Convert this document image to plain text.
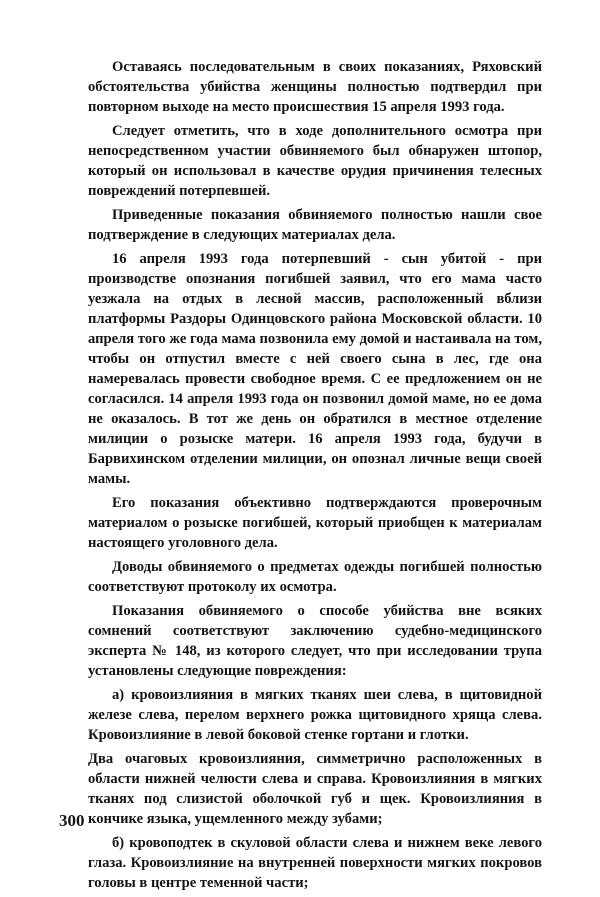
Оставаясь последовательным в своих показаниях, Ряховский обстоятельства убийства женщины полностью подтвердил при повторном выходе на место происшествия 15 апреля 1993 года.

Следует отметить, что в ходе дополнительного осмотра при непосредственном участии обвиняемого был обнаружен штопор, который он использовал в качестве орудия причинения телесных повреждений потерпевшей.

Приведенные показания обвиняемого полностью нашли свое подтверждение в следующих материалах дела.

16 апреля 1993 года потерпевший - сын убитой - при производстве опознания погибшей заявил, что его мама часто уезжала на отдых в лесной массив, расположенный вблизи платформы Раздоры Одинцовского района Московской области. 10 апреля того же года мама позвонила ему домой и настаивала на том, чтобы он отпустил вместе с ней своего сына в лес, где она намеревалась провести свободное время. С ее предложением он не согласился. 14 апреля 1993 года он позвонил домой маме, но ее дома не оказалось. В тот же день он обратился в местное отделение милиции о розыске матери. 16 апреля 1993 года, будучи в Барвихинском отделении милиции, он опознал личные вещи своей мамы.

Его показания объективно подтверждаются проверочным материалом о розыске погибшей, который приобщен к материалам настоящего уголовного дела.

Доводы обвиняемого о предметах одежды погибшей полностью соответствуют протоколу их осмотра.

Показания обвиняемого о способе убийства вне всяких сомнений соответствуют заключению судебно-медицинского эксперта № 148, из которого следует, что при исследовании трупа установлены следующие повреждения:

а) кровоизлияния в мягких тканях шеи слева, в щитовидной железе слева, перелом верхнего рожка щитовидного хряща слева. Кровоизлияние в левой боковой стенке гортани и глотки.

Два очаговых кровоизлияния, симметрично расположенных в области нижней челюсти слева и справа. Кровоизлияния в мягких тканях под слизистой оболочкой губ и щек. Кровоизлияния в кончике языка, ущемленного между зубами;

б) кровоподтек в скуловой области слева и нижнем веке левого глаза. Кровоизлияние на внутренней поверхности мягких покровов головы в центре теменной части;

300
